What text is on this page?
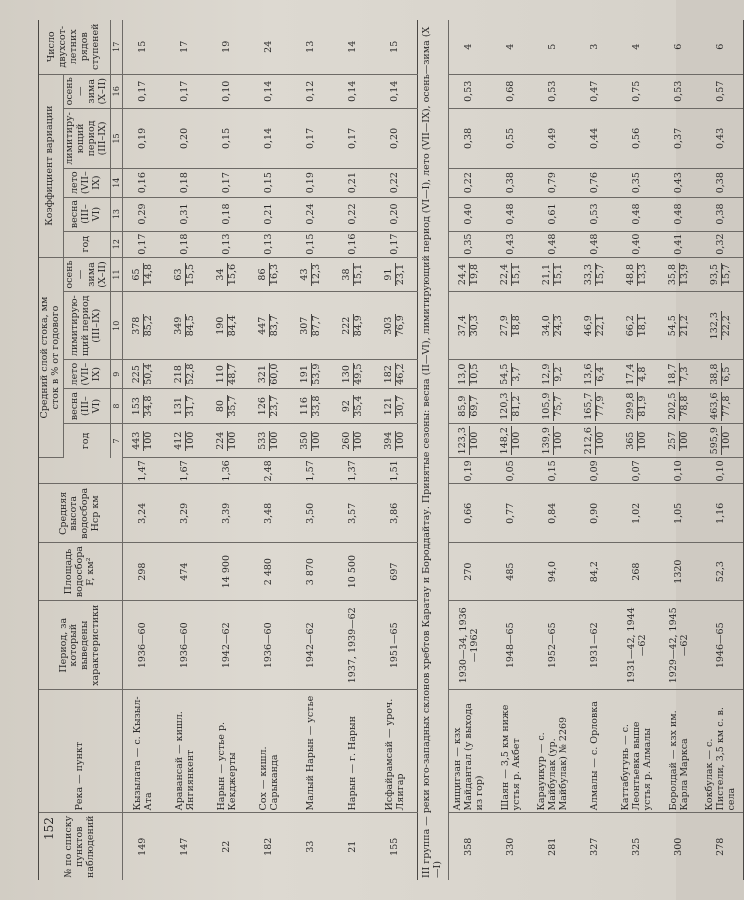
152 № по списку пунктов наблюдений	Река — пункт	Период, за который выведены характеристики	Площадь водосбора F, км²	Средняя высота водосбора Hср км		Средний слой стока, мм
сток в % от годового					Коэффициент вариации					Число двухсот-летних рядов ступеней
						год	весна (III–VI)	лето (VII–IX)	лимитирую-щий период (III–IX)	осень—зима (X–II)	год	весна (III–VI)	лето (VII–IX)	лимитиру-ющий период (III–IX)	осень—зима (X–II)	
						7	8	9	10	11	12	13	14	15	16	17
149	Кызылата — с. Кызыл-Ата	1936—60	298	3,24	1,47	443 100	153 34,8	225 50,4	378 85,2	65 14,8	0,17	0,29	0,16	0,19	0,17	15
147	Аравансай — кишл. Янгиянкент	1936—60	474	3,29	1,67	412 100	131 31,7	218 52,8	349 84,5	63 15,5	0,18	0,31	0,18	0,20	0,17	17
22	Нарын — устье р. Кекджерты	1942—62	14 900	3,39	1,36	224 100	80 35,7	110 48,7	190 84,4	34 15,6	0,13	0,18	0,17	0,15	0,10	19
182	Сох — кишл. Сарыканда	1936—60	2 480	3,48	2,48	533 100	126 23,7	321 60,0	447 83,7	86 16,3	0,13	0,21	0,15	0,14	0,14	24
33	Малый Нарын — устье	1942—62	3 870	3,50	1,57	350 100	116 33,8	191 53,9	307 87,7	43 12,3	0,15	0,24	0,19	0,17	0,12	13
21	Нарын — г. Нарын	1937, 1939—62	10 500	3,57	1,37	260 100	92 35,4	130 49,5	222 84,9	38 15,1	0,16	0,22	0,21	0,17	0,14	14
155	Исфайрамсай — уроч. Ляигар	1951—65	697	3,86	1,51	394 100	121 30,7	182 46,2	303 76,9	91 23,1	0,17	0,20	0,22	0,20	0,14	15
III группа — реки юго-западных склонов хребтов Каратау и Бороддайтау. Принятые сезоны: весна (II—VI), лимитирующий период (VI—I), лето (VII—IX), осень—зима (X—I)																
358	Аищигзан — кзх Майдантал (у выхода из гор)	1930—34, 1936—1962	270	0,66	0,19	123,3 100	85,9 69,7	13,0 10,5	37,4 30,3	24,4 19,8	0,35	0,40	0,22	0,38	0,53	4
330	Шаян — 3,5 км ниже устья р. Акбет	1948—65	485	0,77	0,05	148,2 100	120,3 81,2	54,5 3,7	27,9 18,8	22,4 15,1	0,43	0,48	0,38	0,55	0,68	4
281	Карауикур — с. Майбулак (ур. Майбулак) № 2269	1952—65	94,0	0,84	0,15	139,9 100	105,9 75,7	12,9 9,2	34,0 24,3	21,1 15,1	0,48	0,61	0,79	0,49	0,53	5
327	Алмалы — с. Орловка	1931—62	84,2	0,90	0,09	212,6 100	165,7 77,9	13,6 6,4	46,9 22,1	33,3 15,7	0,48	0,53	0,76	0,44	0,47	3
325	Каттабугунь — с. Леонтьевка выше устья р. Алмалы	1931—42, 1944—62	268	1,02	0,07	365 100	299,8 81,9	17,4 4,8	66,2 18,1	48,8 13,3	0,40	0,48	0,35	0,56	0,75	4
300	Боролдай — кзх им. Карла Маркса	1929—42, 1945—62	1320	1,05	0,10	257 100	202,5 78,8	18,7 7,3	54,5 21,2	35,8 13,9	0,41	0,48	0,43	0,37	0,53	6
278	Кокбулак — с. Пистели, 3,5 км с. в. села	1946—65	52,3	1,16	0,10	595,9 100	463,6 77,8	38,8 6,5	132,3 22,2	93,5 15,7	0,32	0,38	0,38	0,43	0,57	6
